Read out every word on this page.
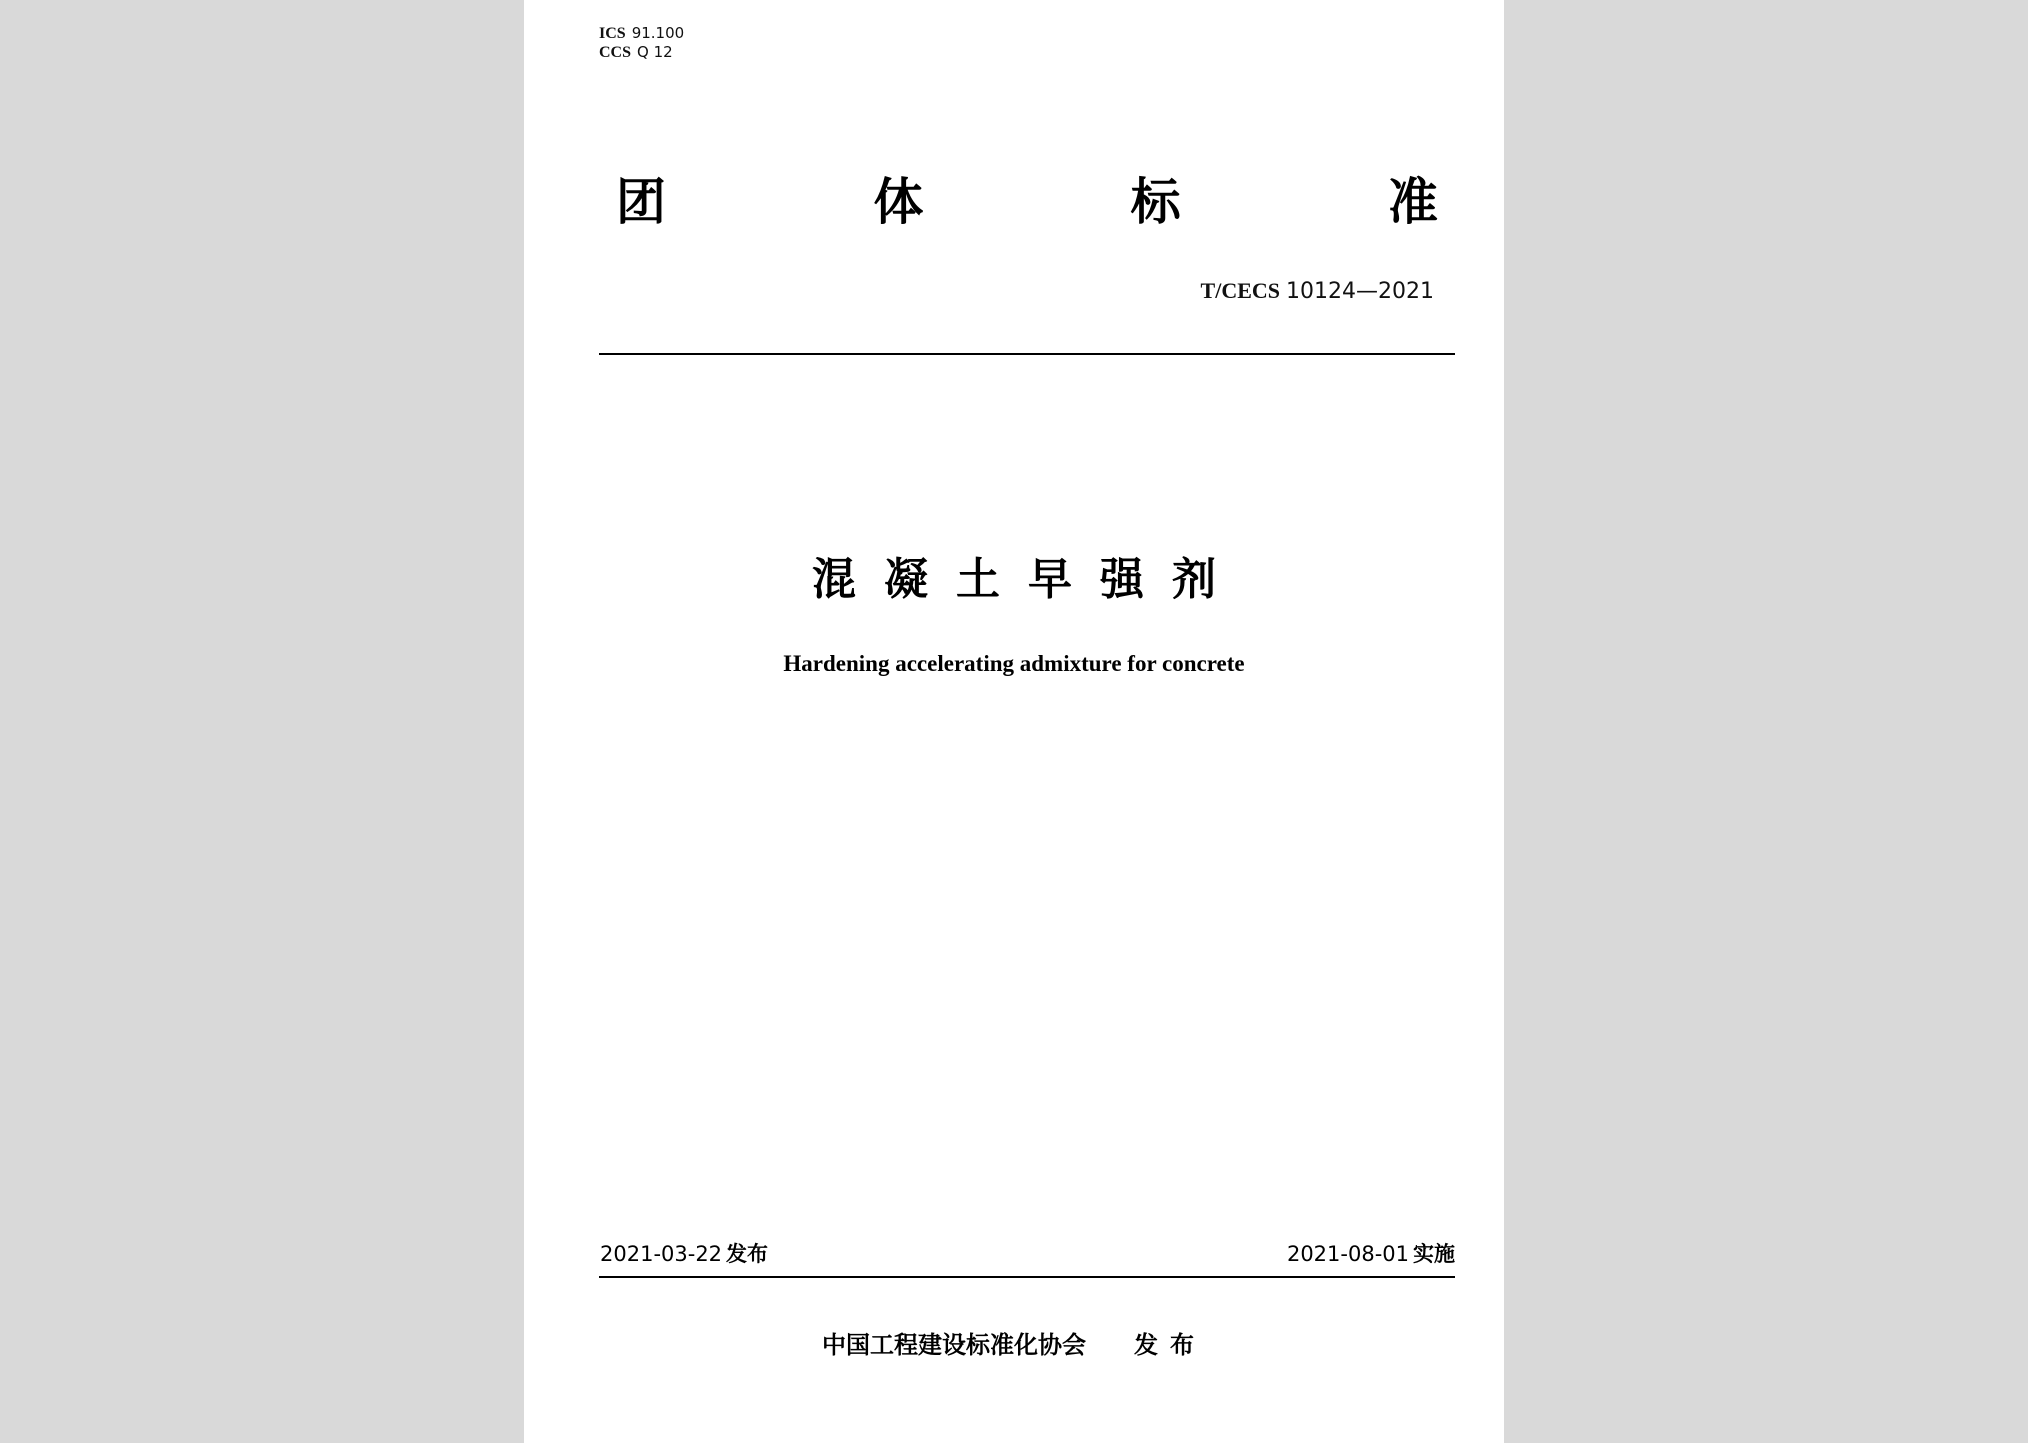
ICS 91.100
CCS Q 12
团	体	标	准
T/CECS 10124—2021
混凝土早强剂
Hardening accelerating admixture for concrete
2021-03-22 发布	2021-08-01 实施
中国工程建设标准化协会 发布
